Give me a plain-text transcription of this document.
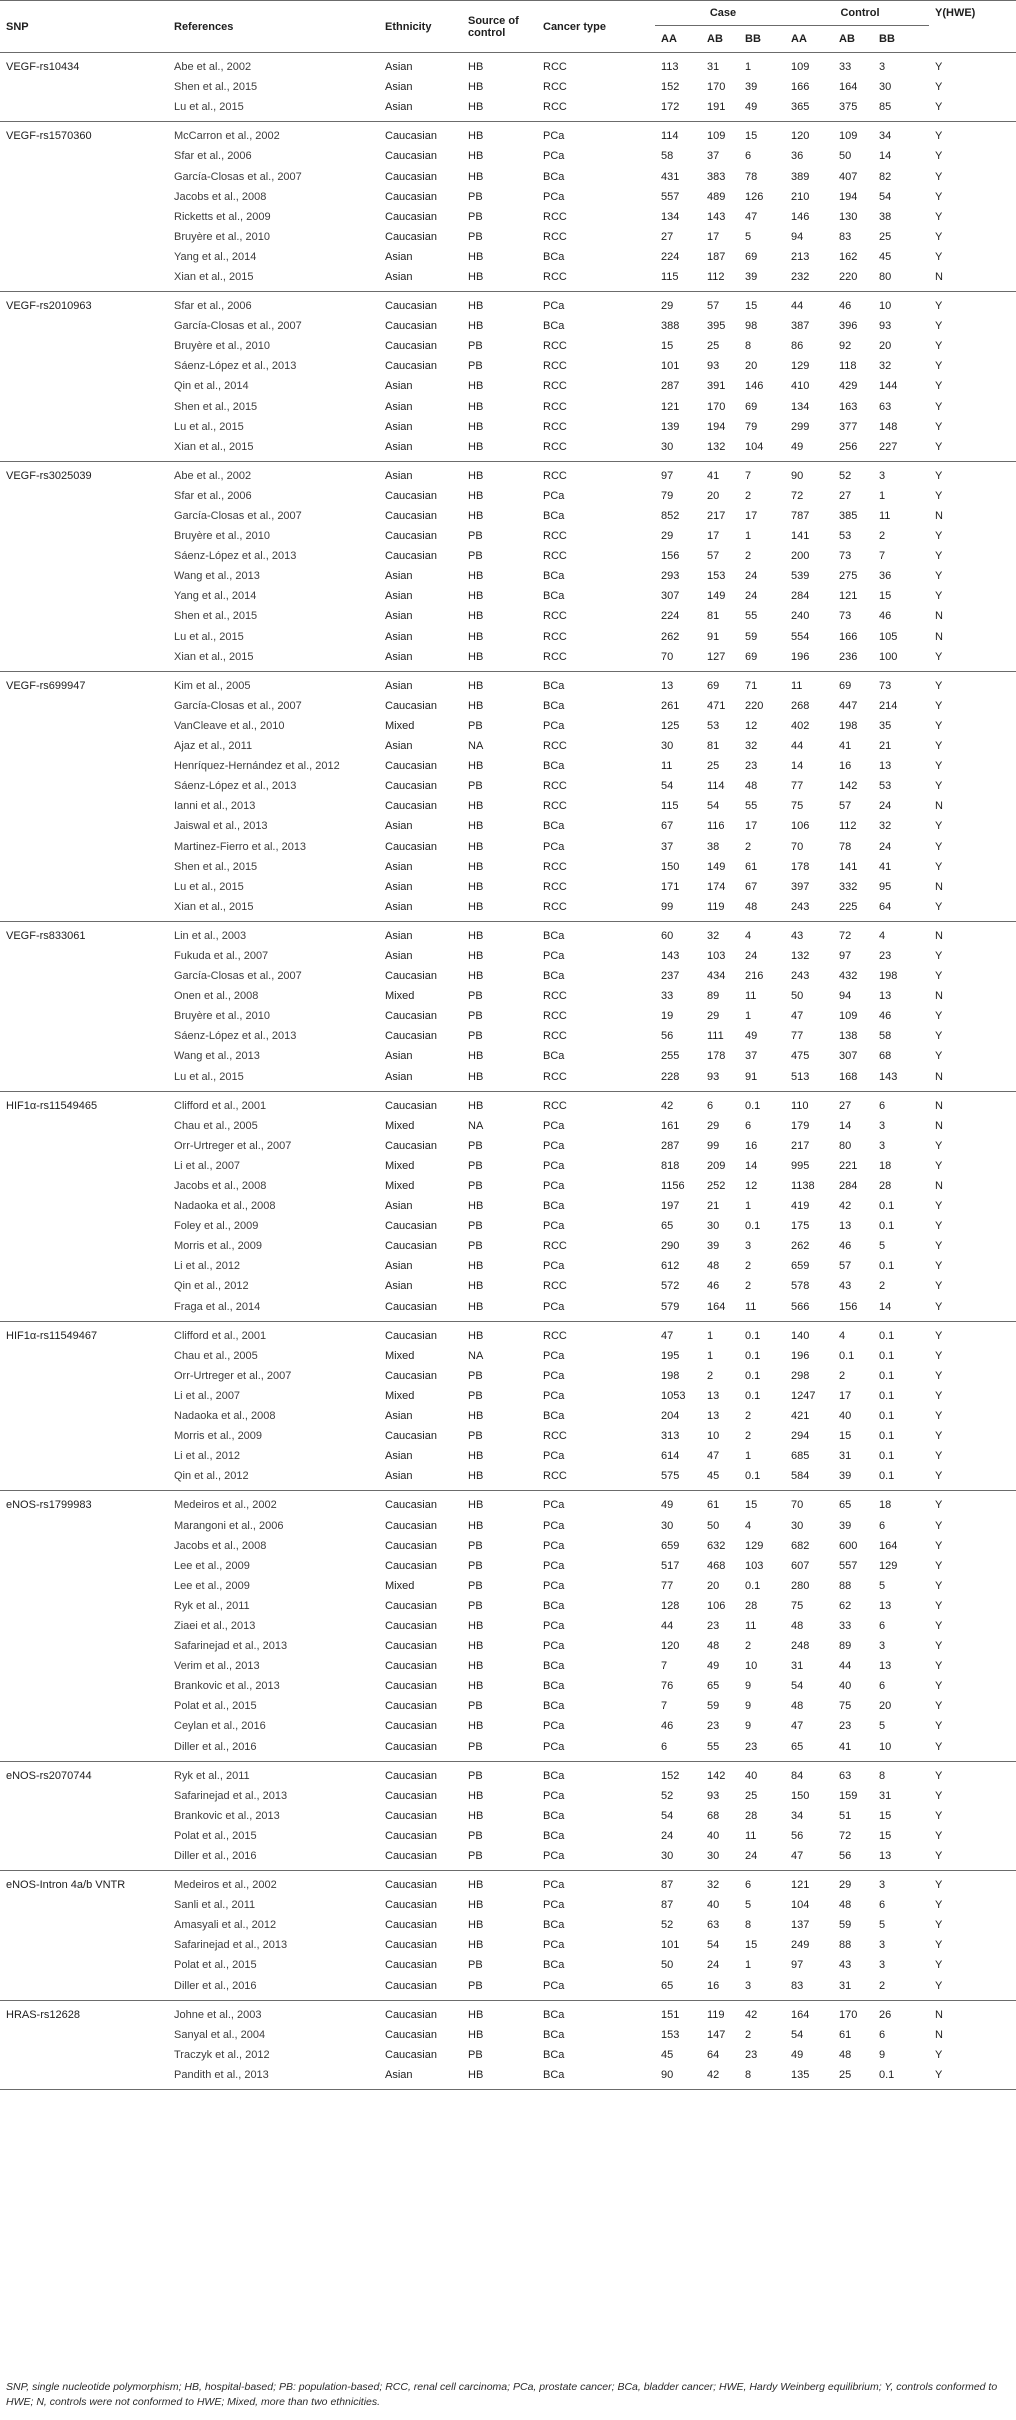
SNP	References	Ethnicity	Source of control	Cancer type	Case			Control			Y(HWE)
					AA	AB	BB	AA	AB	BB	
VEGF-rs10434	Abe et al., 2002	Asian	HB	RCC	113	31	1	109	33	3	Y
	Shen et al., 2015	Asian	HB	RCC	152	170	39	166	164	30	Y
	Lu et al., 2015	Asian	HB	RCC	172	191	49	365	375	85	Y
VEGF-rs1570360	McCarron et al., 2002	Caucasian	HB	PCa	114	109	15	120	109	34	Y
	Sfar et al., 2006	Caucasian	HB	PCa	58	37	6	36	50	14	Y
	García-Closas et al., 2007	Caucasian	HB	BCa	431	383	78	389	407	82	Y
	Jacobs et al., 2008	Caucasian	PB	PCa	557	489	126	210	194	54	Y
	Ricketts et al., 2009	Caucasian	PB	RCC	134	143	47	146	130	38	Y
	Bruyère et al., 2010	Caucasian	PB	RCC	27	17	5	94	83	25	Y
	Yang et al., 2014	Asian	HB	BCa	224	187	69	213	162	45	Y
	Xian et al., 2015	Asian	HB	RCC	115	112	39	232	220	80	N
VEGF-rs2010963	Sfar et al., 2006	Caucasian	HB	PCa	29	57	15	44	46	10	Y
	García-Closas et al., 2007	Caucasian	HB	BCa	388	395	98	387	396	93	Y
	Bruyère et al., 2010	Caucasian	PB	RCC	15	25	8	86	92	20	Y
	Sáenz-López et al., 2013	Caucasian	PB	RCC	101	93	20	129	118	32	Y
	Qin et al., 2014	Asian	HB	RCC	287	391	146	410	429	144	Y
	Shen et al., 2015	Asian	HB	RCC	121	170	69	134	163	63	Y
	Lu et al., 2015	Asian	HB	RCC	139	194	79	299	377	148	Y
	Xian et al., 2015	Asian	HB	RCC	30	132	104	49	256	227	Y
VEGF-rs3025039	Abe et al., 2002	Asian	HB	RCC	97	41	7	90	52	3	Y
	Sfar et al., 2006	Caucasian	HB	PCa	79	20	2	72	27	1	Y
	García-Closas et al., 2007	Caucasian	HB	BCa	852	217	17	787	385	11	N
	Bruyère et al., 2010	Caucasian	PB	RCC	29	17	1	141	53	2	Y
	Sáenz-López et al., 2013	Caucasian	PB	RCC	156	57	2	200	73	7	Y
	Wang et al., 2013	Asian	HB	BCa	293	153	24	539	275	36	Y
	Yang et al., 2014	Asian	HB	BCa	307	149	24	284	121	15	Y
	Shen et al., 2015	Asian	HB	RCC	224	81	55	240	73	46	N
	Lu et al., 2015	Asian	HB	RCC	262	91	59	554	166	105	N
	Xian et al., 2015	Asian	HB	RCC	70	127	69	196	236	100	Y
VEGF-rs699947	Kim et al., 2005	Asian	HB	BCa	13	69	71	11	69	73	Y
	García-Closas et al., 2007	Caucasian	HB	BCa	261	471	220	268	447	214	Y
	VanCleave et al., 2010	Mixed	PB	PCa	125	53	12	402	198	35	Y
	Ajaz et al., 2011	Asian	NA	RCC	30	81	32	44	41	21	Y
	Henríquez-Hernández et al., 2012	Caucasian	HB	BCa	11	25	23	14	16	13	Y
	Sáenz-López et al., 2013	Caucasian	PB	RCC	54	114	48	77	142	53	Y
	Ianni et al., 2013	Caucasian	HB	RCC	115	54	55	75	57	24	N
	Jaiswal et al., 2013	Asian	HB	BCa	67	116	17	106	112	32	Y
	Martinez-Fierro et al., 2013	Caucasian	HB	PCa	37	38	2	70	78	24	Y
	Shen et al., 2015	Asian	HB	RCC	150	149	61	178	141	41	Y
	Lu et al., 2015	Asian	HB	RCC	171	174	67	397	332	95	N
	Xian et al., 2015	Asian	HB	RCC	99	119	48	243	225	64	Y
VEGF-rs833061	Lin et al., 2003	Asian	HB	BCa	60	32	4	43	72	4	N
	Fukuda et al., 2007	Asian	HB	PCa	143	103	24	132	97	23	Y
	García-Closas et al., 2007	Caucasian	HB	BCa	237	434	216	243	432	198	Y
	Onen et al., 2008	Mixed	PB	RCC	33	89	11	50	94	13	N
	Bruyère et al., 2010	Caucasian	PB	RCC	19	29	1	47	109	46	Y
	Sáenz-López et al., 2013	Caucasian	PB	RCC	56	111	49	77	138	58	Y
	Wang et al., 2013	Asian	HB	BCa	255	178	37	475	307	68	Y
	Lu et al., 2015	Asian	HB	RCC	228	93	91	513	168	143	N
HIF1α-rs11549465	Clifford et al., 2001	Caucasian	HB	RCC	42	6	0.1	110	27	6	N
	Chau et al., 2005	Mixed	NA	PCa	161	29	6	179	14	3	N
	Orr-Urtreger et al., 2007	Caucasian	PB	PCa	287	99	16	217	80	3	Y
	Li et al., 2007	Mixed	PB	PCa	818	209	14	995	221	18	Y
	Jacobs et al., 2008	Mixed	PB	PCa	1156	252	12	1138	284	28	N
	Nadaoka et al., 2008	Asian	HB	BCa	197	21	1	419	42	0.1	Y
	Foley et al., 2009	Caucasian	PB	PCa	65	30	0.1	175	13	0.1	Y
	Morris et al., 2009	Caucasian	PB	RCC	290	39	3	262	46	5	Y
	Li et al., 2012	Asian	HB	PCa	612	48	2	659	57	0.1	Y
	Qin et al., 2012	Asian	HB	RCC	572	46	2	578	43	2	Y
	Fraga et al., 2014	Caucasian	HB	PCa	579	164	11	566	156	14	Y
HIF1α-rs11549467	Clifford et al., 2001	Caucasian	HB	RCC	47	1	0.1	140	4	0.1	Y
	Chau et al., 2005	Mixed	NA	PCa	195	1	0.1	196	0.1	0.1	Y
	Orr-Urtreger et al., 2007	Caucasian	PB	PCa	198	2	0.1	298	2	0.1	Y
	Li et al., 2007	Mixed	PB	PCa	1053	13	0.1	1247	17	0.1	Y
	Nadaoka et al., 2008	Asian	HB	BCa	204	13	2	421	40	0.1	Y
	Morris et al., 2009	Caucasian	PB	RCC	313	10	2	294	15	0.1	Y
	Li et al., 2012	Asian	HB	PCa	614	47	1	685	31	0.1	Y
	Qin et al., 2012	Asian	HB	RCC	575	45	0.1	584	39	0.1	Y
eNOS-rs1799983	Medeiros et al., 2002	Caucasian	HB	PCa	49	61	15	70	65	18	Y
	Marangoni et al., 2006	Caucasian	HB	PCa	30	50	4	30	39	6	Y
	Jacobs et al., 2008	Caucasian	PB	PCa	659	632	129	682	600	164	Y
	Lee et al., 2009	Caucasian	PB	PCa	517	468	103	607	557	129	Y
	Lee et al., 2009	Mixed	PB	PCa	77	20	0.1	280	88	5	Y
	Ryk et al., 2011	Caucasian	PB	BCa	128	106	28	75	62	13	Y
	Ziaei et al., 2013	Caucasian	HB	PCa	44	23	11	48	33	6	Y
	Safarinejad et al., 2013	Caucasian	HB	PCa	120	48	2	248	89	3	Y
	Verim et al., 2013	Caucasian	HB	BCa	7	49	10	31	44	13	Y
	Brankovic et al., 2013	Caucasian	HB	BCa	76	65	9	54	40	6	Y
	Polat et al., 2015	Caucasian	PB	BCa	7	59	9	48	75	20	Y
	Ceylan et al., 2016	Caucasian	HB	PCa	46	23	9	47	23	5	Y
	Diller et al., 2016	Caucasian	PB	PCa	6	55	23	65	41	10	Y
eNOS-rs2070744	Ryk et al., 2011	Caucasian	PB	BCa	152	142	40	84	63	8	Y
	Safarinejad et al., 2013	Caucasian	HB	PCa	52	93	25	150	159	31	Y
	Brankovic et al., 2013	Caucasian	HB	BCa	54	68	28	34	51	15	Y
	Polat et al., 2015	Caucasian	PB	BCa	24	40	11	56	72	15	Y
	Diller et al., 2016	Caucasian	PB	PCa	30	30	24	47	56	13	Y
eNOS-Intron 4a/b VNTR	Medeiros et al., 2002	Caucasian	HB	PCa	87	32	6	121	29	3	Y
	Sanli et al., 2011	Caucasian	HB	PCa	87	40	5	104	48	6	Y
	Amasyali et al., 2012	Caucasian	HB	BCa	52	63	8	137	59	5	Y
	Safarinejad et al., 2013	Caucasian	HB	PCa	101	54	15	249	88	3	Y
	Polat et al., 2015	Caucasian	PB	BCa	50	24	1	97	43	3	Y
	Diller et al., 2016	Caucasian	PB	PCa	65	16	3	83	31	2	Y
HRAS-rs12628	Johne et al., 2003	Caucasian	HB	BCa	151	119	42	164	170	26	N
	Sanyal et al., 2004	Caucasian	HB	BCa	153	147	2	54	61	6	N
	Traczyk et al., 2012	Caucasian	PB	BCa	45	64	23	49	48	9	Y
	Pandith et al., 2013	Asian	HB	BCa	90	42	8	135	25	0.1	Y
SNP, single nucleotide polymorphism; HB, hospital-based; PB: population-based; RCC, renal cell carcinoma; PCa, prostate cancer; BCa, bladder cancer; HWE, Hardy Weinberg equilibrium; Y, controls conformed to HWE; N, controls were not conformed to HWE; Mixed, more than two ethnicities.
